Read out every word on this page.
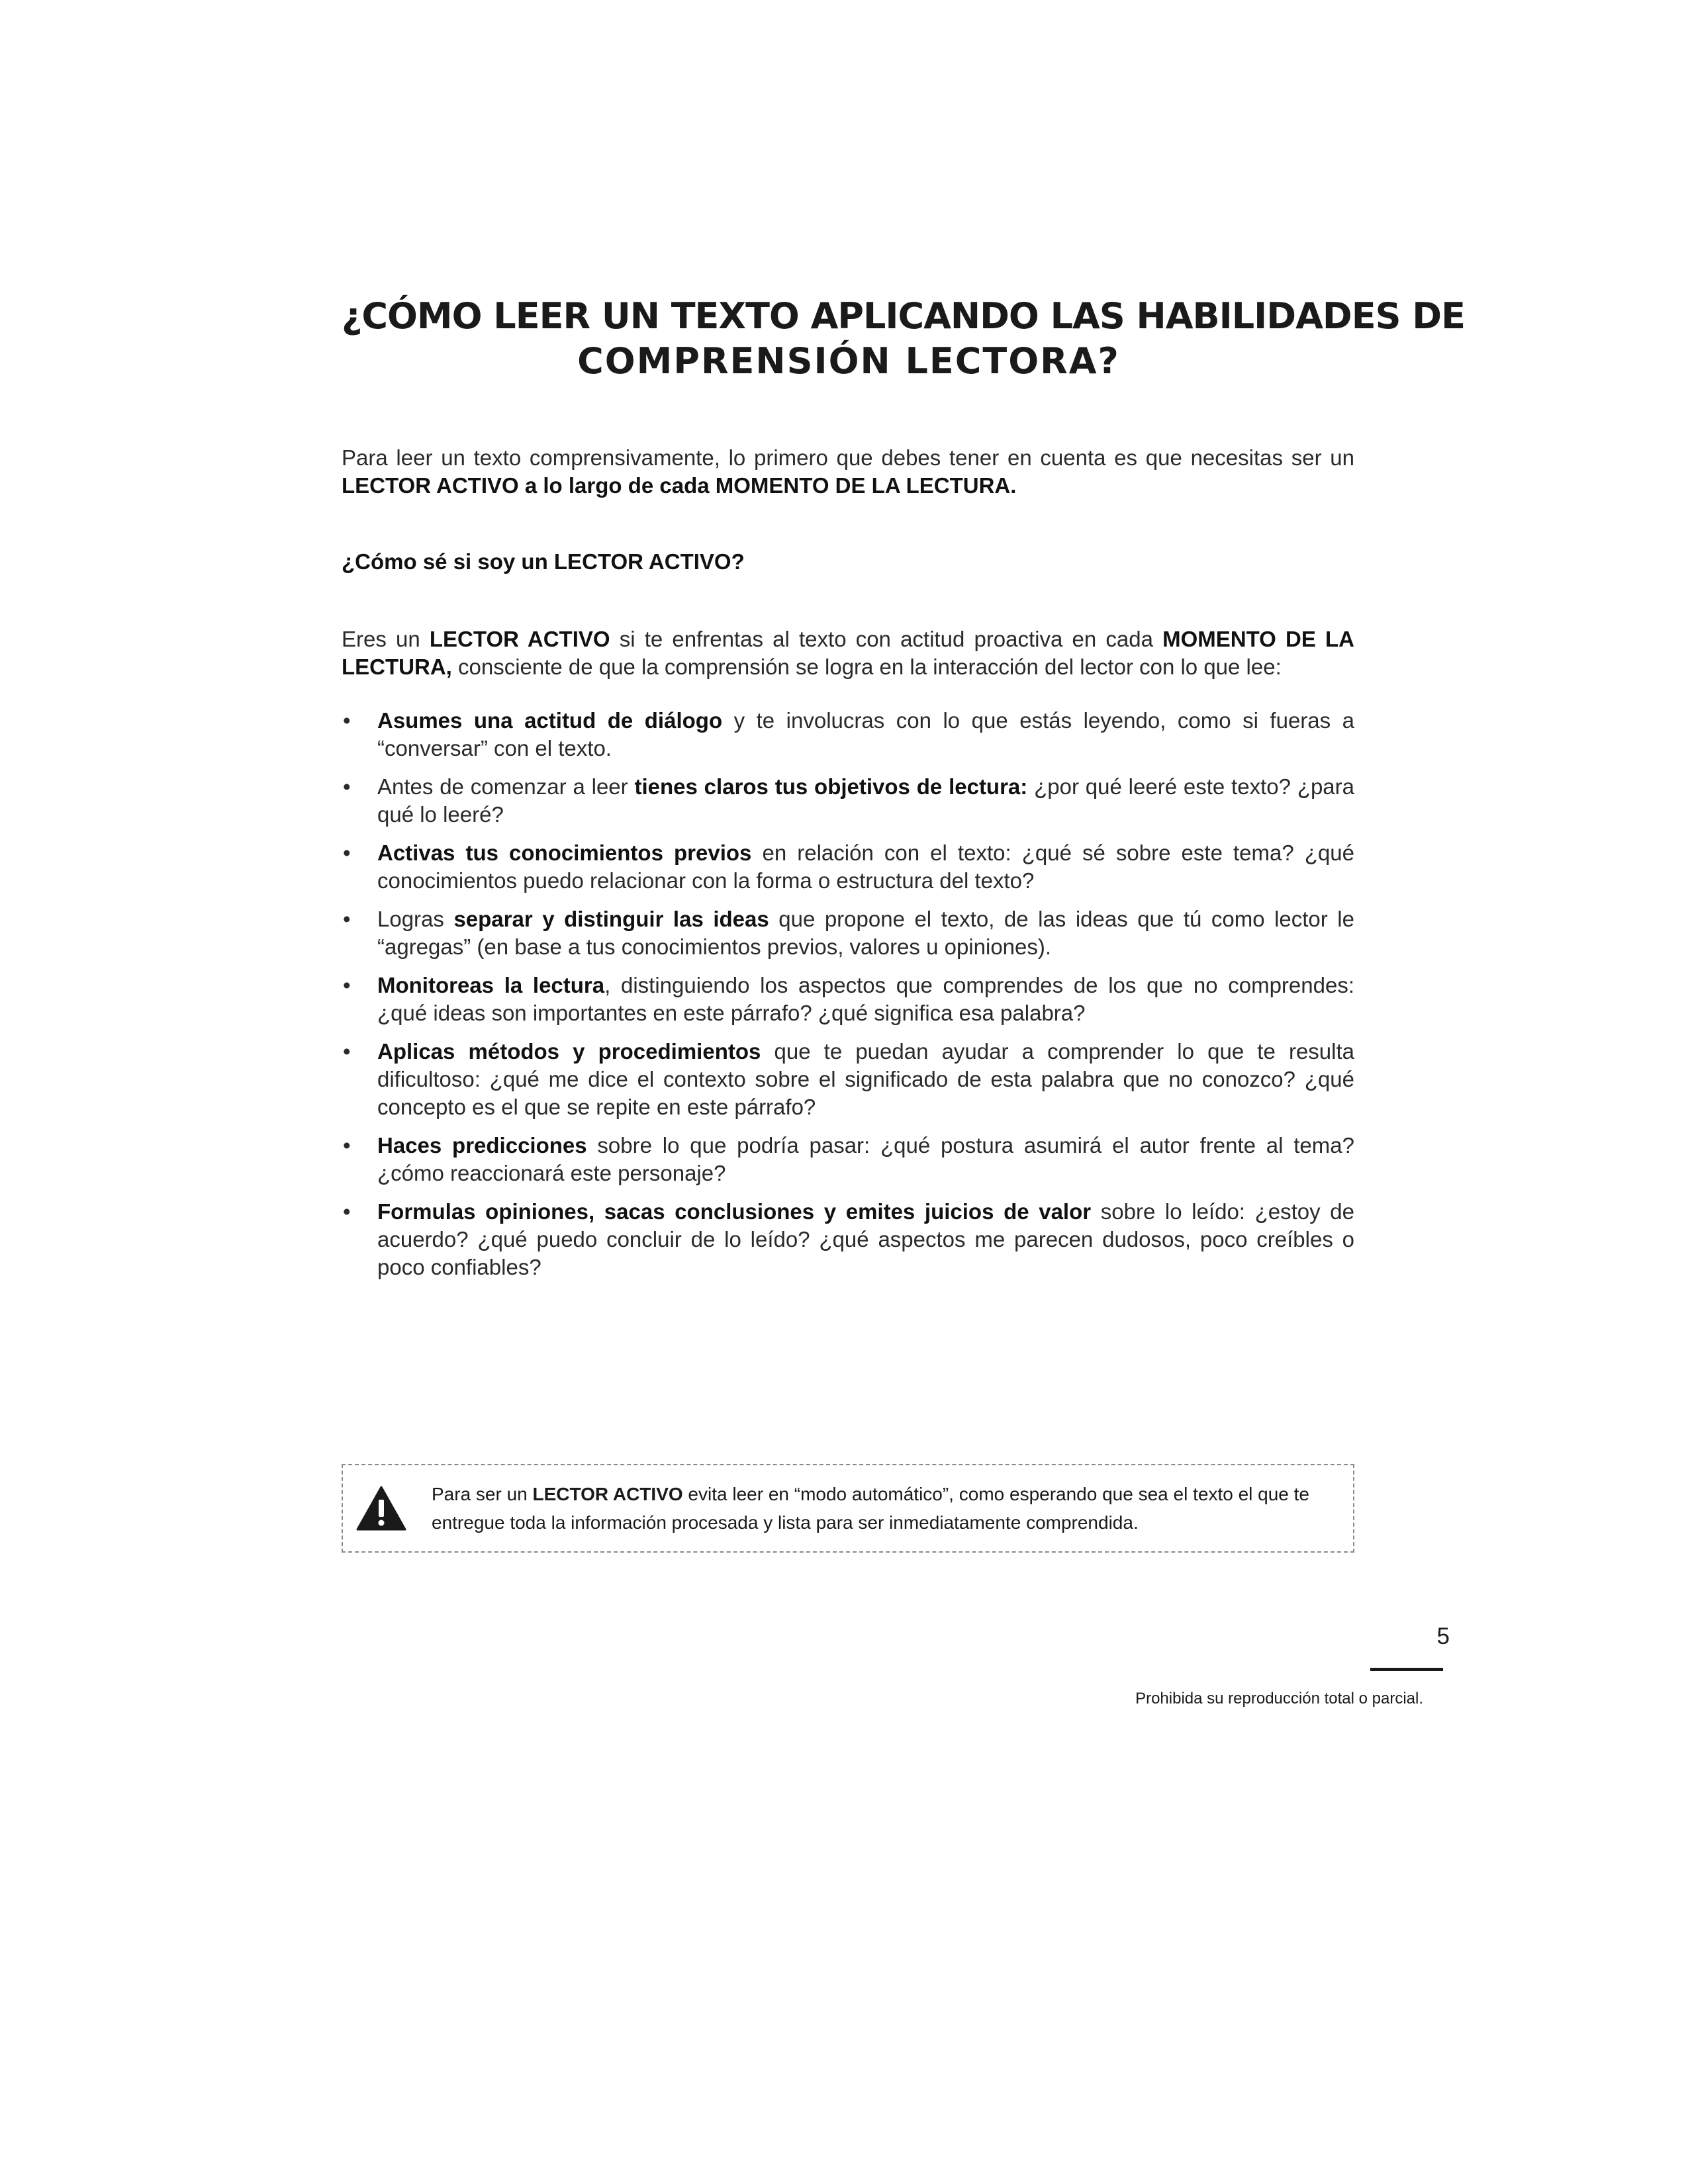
¿CÓMO LEER UN TEXTO APLICANDO LAS HABILIDADES DE
COMPRENSIÓN LECTORA?

Para leer un texto comprensivamente, lo primero que debes tener en cuenta es que necesitas ser un LECTOR ACTIVO a lo largo de cada MOMENTO DE LA LECTURA.

¿Cómo sé si soy un LECTOR ACTIVO?

Eres un LECTOR ACTIVO si te enfrentas al texto con actitud proactiva en cada MOMENTO DE LA LECTURA, consciente de que la comprensión se logra en la interacción del lector con lo que lee:

• Asumes una actitud de diálogo y te involucras con lo que estás leyendo, como si fueras a “conversar” con el texto.
• Antes de comenzar a leer tienes claros tus objetivos de lectura: ¿por qué leeré este texto? ¿para qué lo leeré?
• Activas tus conocimientos previos en relación con el texto: ¿qué sé sobre este tema? ¿qué conocimientos puedo relacionar con la forma o estructura del texto?
• Logras separar y distinguir las ideas que propone el texto, de las ideas que tú como lector le “agregas” (en base a tus conocimientos previos, valores u opiniones).
• Monitoreas la lectura, distinguiendo los aspectos que comprendes de los que no comprendes: ¿qué ideas son importantes en este párrafo? ¿qué significa esa palabra?
• Aplicas métodos y procedimientos que te puedan ayudar a comprender lo que te resulta dificultoso: ¿qué me dice el contexto sobre el significado de esta palabra que no conozco? ¿qué concepto es el que se repite en este párrafo?
• Haces predicciones sobre lo que podría pasar: ¿qué postura asumirá el autor frente al tema? ¿cómo reaccionará este personaje?
• Formulas opiniones, sacas conclusiones y emites juicios de valor sobre lo leído: ¿estoy de acuerdo? ¿qué puedo concluir de lo leído? ¿qué aspectos me parecen dudosos, poco creíbles o poco confiables?

Para ser un LECTOR ACTIVO evita leer en “modo automático”, como esperando que sea el texto el que te entregue toda la información procesada y lista para ser inmediatamente comprendida.

5
Prohibida su reproducción total o parcial.
